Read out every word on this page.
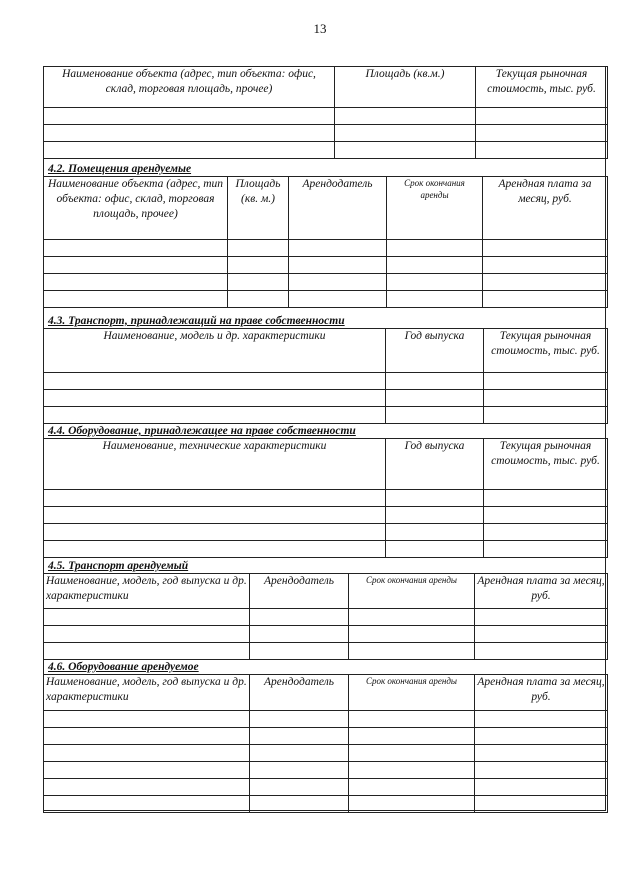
13
Наименование объекта (адрес, тип объекта: офис, склад, торговая площадь, прочее)	Площадь (кв.м.)	Текущая рыночная стоимость, тыс. руб.

4.2. Помещения арендуемые
Наименование объекта (адрес, тип объекта: офис, склад, торговая площадь, прочее)	Площадь (кв. м.)	Арендодатель	Срок окончания аренды	Арендная плата за месяц, руб.

4.3. Транспорт, принадлежащий на праве собственности
Наименование, модель и др. характеристики	Год выпуска	Текущая рыночная стоимость, тыс. руб.

4.4. Оборудование, принадлежащее на праве собственности
Наименование, технические характеристики	Год выпуска	Текущая рыночная стоимость, тыс. руб.

4.5. Транспорт арендуемый
Наименование, модель, год выпуска и др. характеристики	Арендодатель	Срок окончания аренды	Арендная плата за месяц, руб.

4.6. Оборудование арендуемое
Наименование, модель, год выпуска и др. характеристики	Арендодатель	Срок окончания аренды	Арендная плата за месяц, руб.
